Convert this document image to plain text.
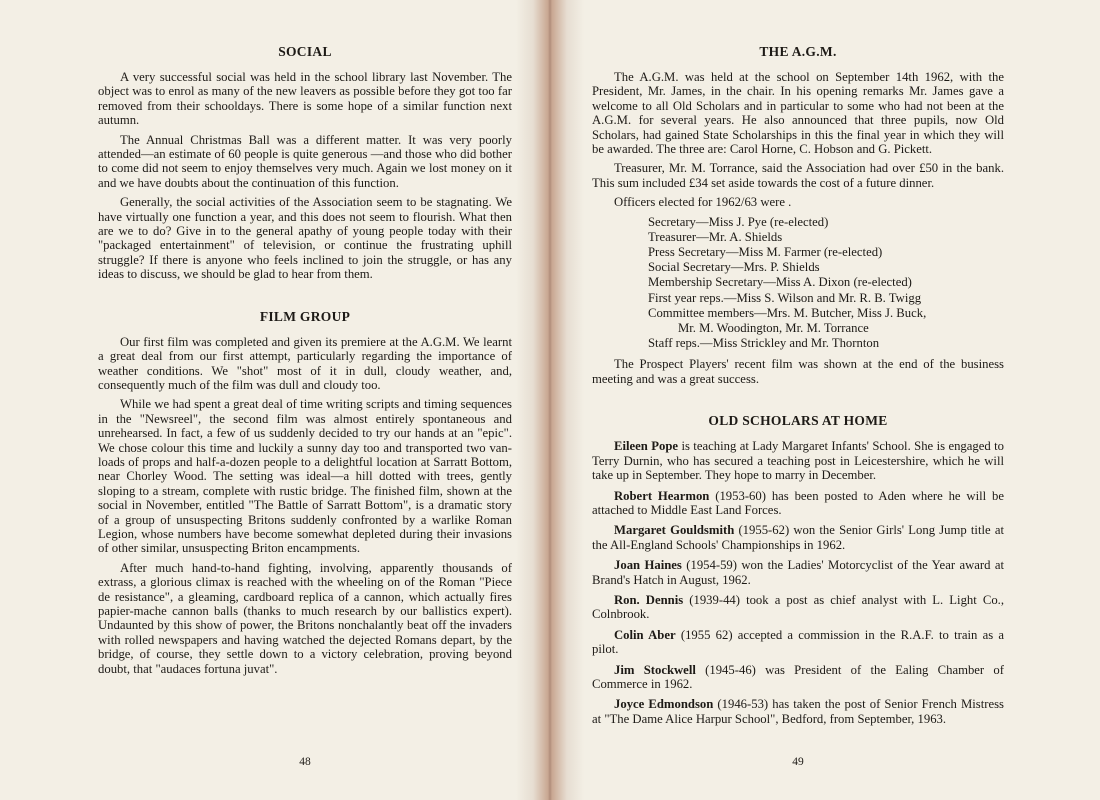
SOCIAL

A very successful social was held in the school library last November. The object was to enrol as many of the new leavers as possible before they got too far removed from their schooldays. There is some hope of a similar function next autumn.

The Annual Christmas Ball was a different matter. It was very poorly attended—an estimate of 60 people is quite generous —and those who did bother to come did not seem to enjoy themselves very much. Again we lost money on it and we have doubts about the continuation of this function.

Generally, the social activities of the Association seem to be stagnating. We have virtually one function a year, and this does not seem to flourish. What then are we to do? Give in to the general apathy of young people today with their "packaged entertainment" of television, or continue the frustrating uphill struggle? If there is anyone who feels inclined to join the struggle, or has any ideas to discuss, we should be glad to hear from them.

FILM GROUP

Our first film was completed and given its premiere at the A.G.M. We learnt a great deal from our first attempt, particularly regarding the importance of weather conditions. We "shot" most of it in dull, cloudy weather, and, consequently much of the film was dull and cloudy too.

While we had spent a great deal of time writing scripts and timing sequences in the "Newsreel", the second film was almost entirely spontaneous and unrehearsed. In fact, a few of us suddenly decided to try our hands at an "epic". We chose colour this time and luckily a sunny day too and transported two van-loads of props and half-a-dozen people to a delightful location at Sarratt Bottom, near Chorley Wood. The setting was ideal—a hill dotted with trees, gently sloping to a stream, complete with rustic bridge. The finished film, shown at the social in November, entitled "The Battle of Sarratt Bottom", is a dramatic story of a group of unsuspecting Britons suddenly confronted by a warlike Roman Legion, whose numbers have become somewhat depleted during their invasions of other similar, unsuspecting Briton encampments.

After much hand-to-hand fighting, involving, apparently thousands of extrass, a glorious climax is reached with the wheeling on of the Roman "Piece de resistance", a gleaming, cardboard replica of a cannon, which actually fires papier-mache cannon balls (thanks to much research by our ballistics expert). Undaunted by this show of power, the Britons nonchalantly beat off the invaders with rolled newspapers and having watched the dejected Romans depart, by the bridge, of course, they settle down to a victory celebration, proving beyond doubt, that "audaces fortuna juvat".

48
THE A.G.M.

The A.G.M. was held at the school on September 14th 1962, with the President, Mr. James, in the chair. In his opening remarks Mr. James gave a welcome to all Old Scholars and in particular to some who had not been at the A.G.M. for several years. He also announced that three pupils, now Old Scholars, had gained State Scholarships in this the final year in which they will be awarded. The three are: Carol Horne, C. Hobson and G. Pickett.

Treasurer, Mr. M. Torrance, said the Association had over £50 in the bank. This sum included £34 set aside towards the cost of a future dinner.

Officers elected for 1962/63 were .

Secretary—Miss J. Pye (re-elected)
Treasurer—Mr. A. Shields
Press Secretary—Miss M. Farmer (re-elected)
Social Secretary—Mrs. P. Shields
Membership Secretary—Miss A. Dixon (re-elected)
First year reps.—Miss S. Wilson and Mr. R. B. Twigg
Committee members—Mrs. M. Butcher, Miss J. Buck,
Mr. M. Woodington, Mr. M. Torrance
Staff reps.—Miss Strickley and Mr. Thornton

The Prospect Players' recent film was shown at the end of the business meeting and was a great success.

OLD SCHOLARS AT HOME

Eileen Pope is teaching at Lady Margaret Infants' School. She is engaged to Terry Durnin, who has secured a teaching post in Leicestershire, which he will take up in September. They hope to marry in December.

Robert Hearmon (1953-60) has been posted to Aden where he will be attached to Middle East Land Forces.

Margaret Gouldsmith (1955-62) won the Senior Girls' Long Jump title at the All-England Schools' Championships in 1962.

Joan Haines (1954-59) won the Ladies' Motorcyclist of the Year award at Brand's Hatch in August, 1962.

Ron. Dennis (1939-44) took a post as chief analyst with L. Light Co., Colnbrook.

Colin Aber (1955 62) accepted a commission in the R.A.F. to train as a pilot.

Jim Stockwell (1945-46) was President of the Ealing Chamber of Commerce in 1962.

Joyce Edmondson (1946-53) has taken the post of Senior French Mistress at "The Dame Alice Harpur School", Bedford, from September, 1963.

49
